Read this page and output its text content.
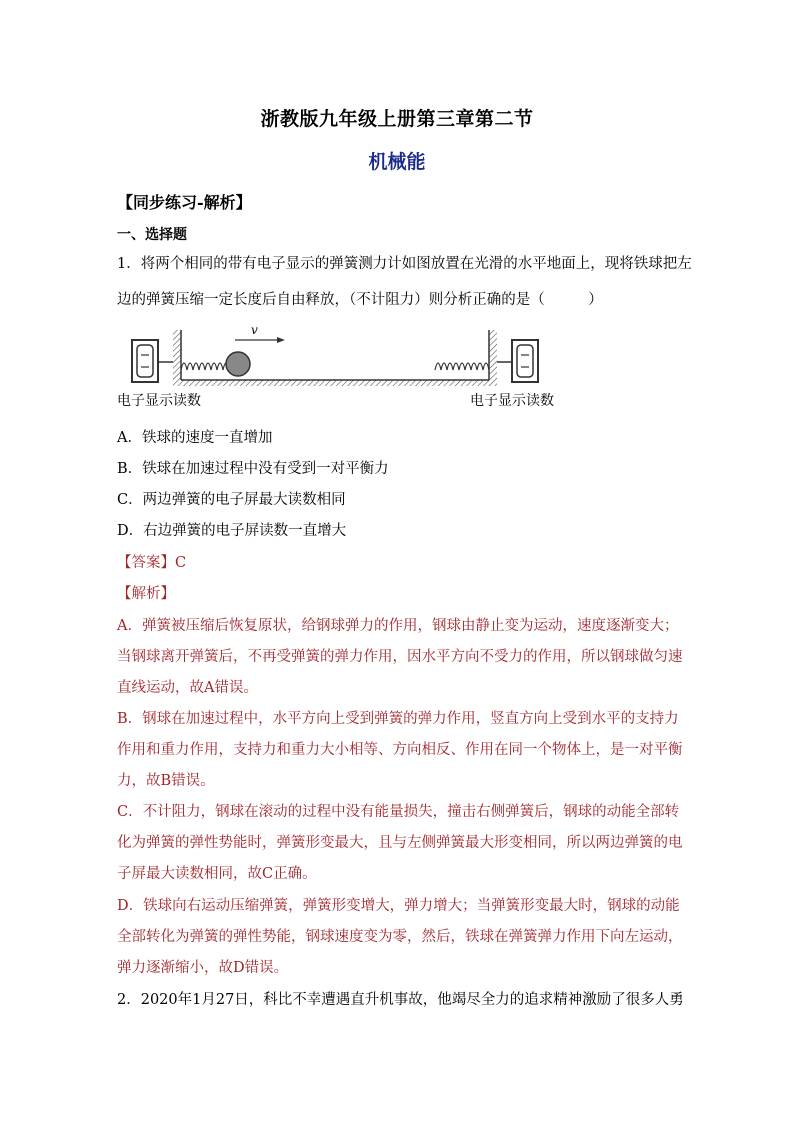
浙教版九年级上册第三章第二节
机械能
【同步练习-解析】
一、选择题
1．将两个相同的带有电子显示的弹簧测力计如图放置在光滑的水平地面上，现将铁球把左
边的弹簧压缩一定长度后自由释放，（不计阻力）则分析正确的是（　　　）
v
电子显示读数	电子显示读数
A．铁球的速度一直增加
B．铁球在加速过程中没有受到一对平衡力
C．两边弹簧的电子屏最大读数相同
D．右边弹簧的电子屏读数一直增大
【答案】C
【解析】
A．弹簧被压缩后恢复原状，给钢球弹力的作用，钢球由静止变为运动，速度逐渐变大；
当钢球离开弹簧后，不再受弹簧的弹力作用，因水平方向不受力的作用，所以钢球做匀速
直线运动，故A错误。
B．钢球在加速过程中，水平方向上受到弹簧的弹力作用，竖直方向上受到水平的支持力
作用和重力作用，支持力和重力大小相等、方向相反、作用在同一个物体上，是一对平衡
力，故B错误。
C．不计阻力，钢球在滚动的过程中没有能量损失，撞击右侧弹簧后，钢球的动能全部转
化为弹簧的弹性势能时，弹簧形变最大，且与左侧弹簧最大形变相同，所以两边弹簧的电
子屏最大读数相同，故C正确。
D．铁球向右运动压缩弹簧，弹簧形变增大，弹力增大；当弹簧形变最大时，钢球的动能
全部转化为弹簧的弹性势能，钢球速度变为零，然后，铁球在弹簧弹力作用下向左运动，
弹力逐渐缩小，故D错误。
2．2020年1月27日，科比不幸遭遇直升机事故，他竭尽全力的追求精神激励了很多人勇
